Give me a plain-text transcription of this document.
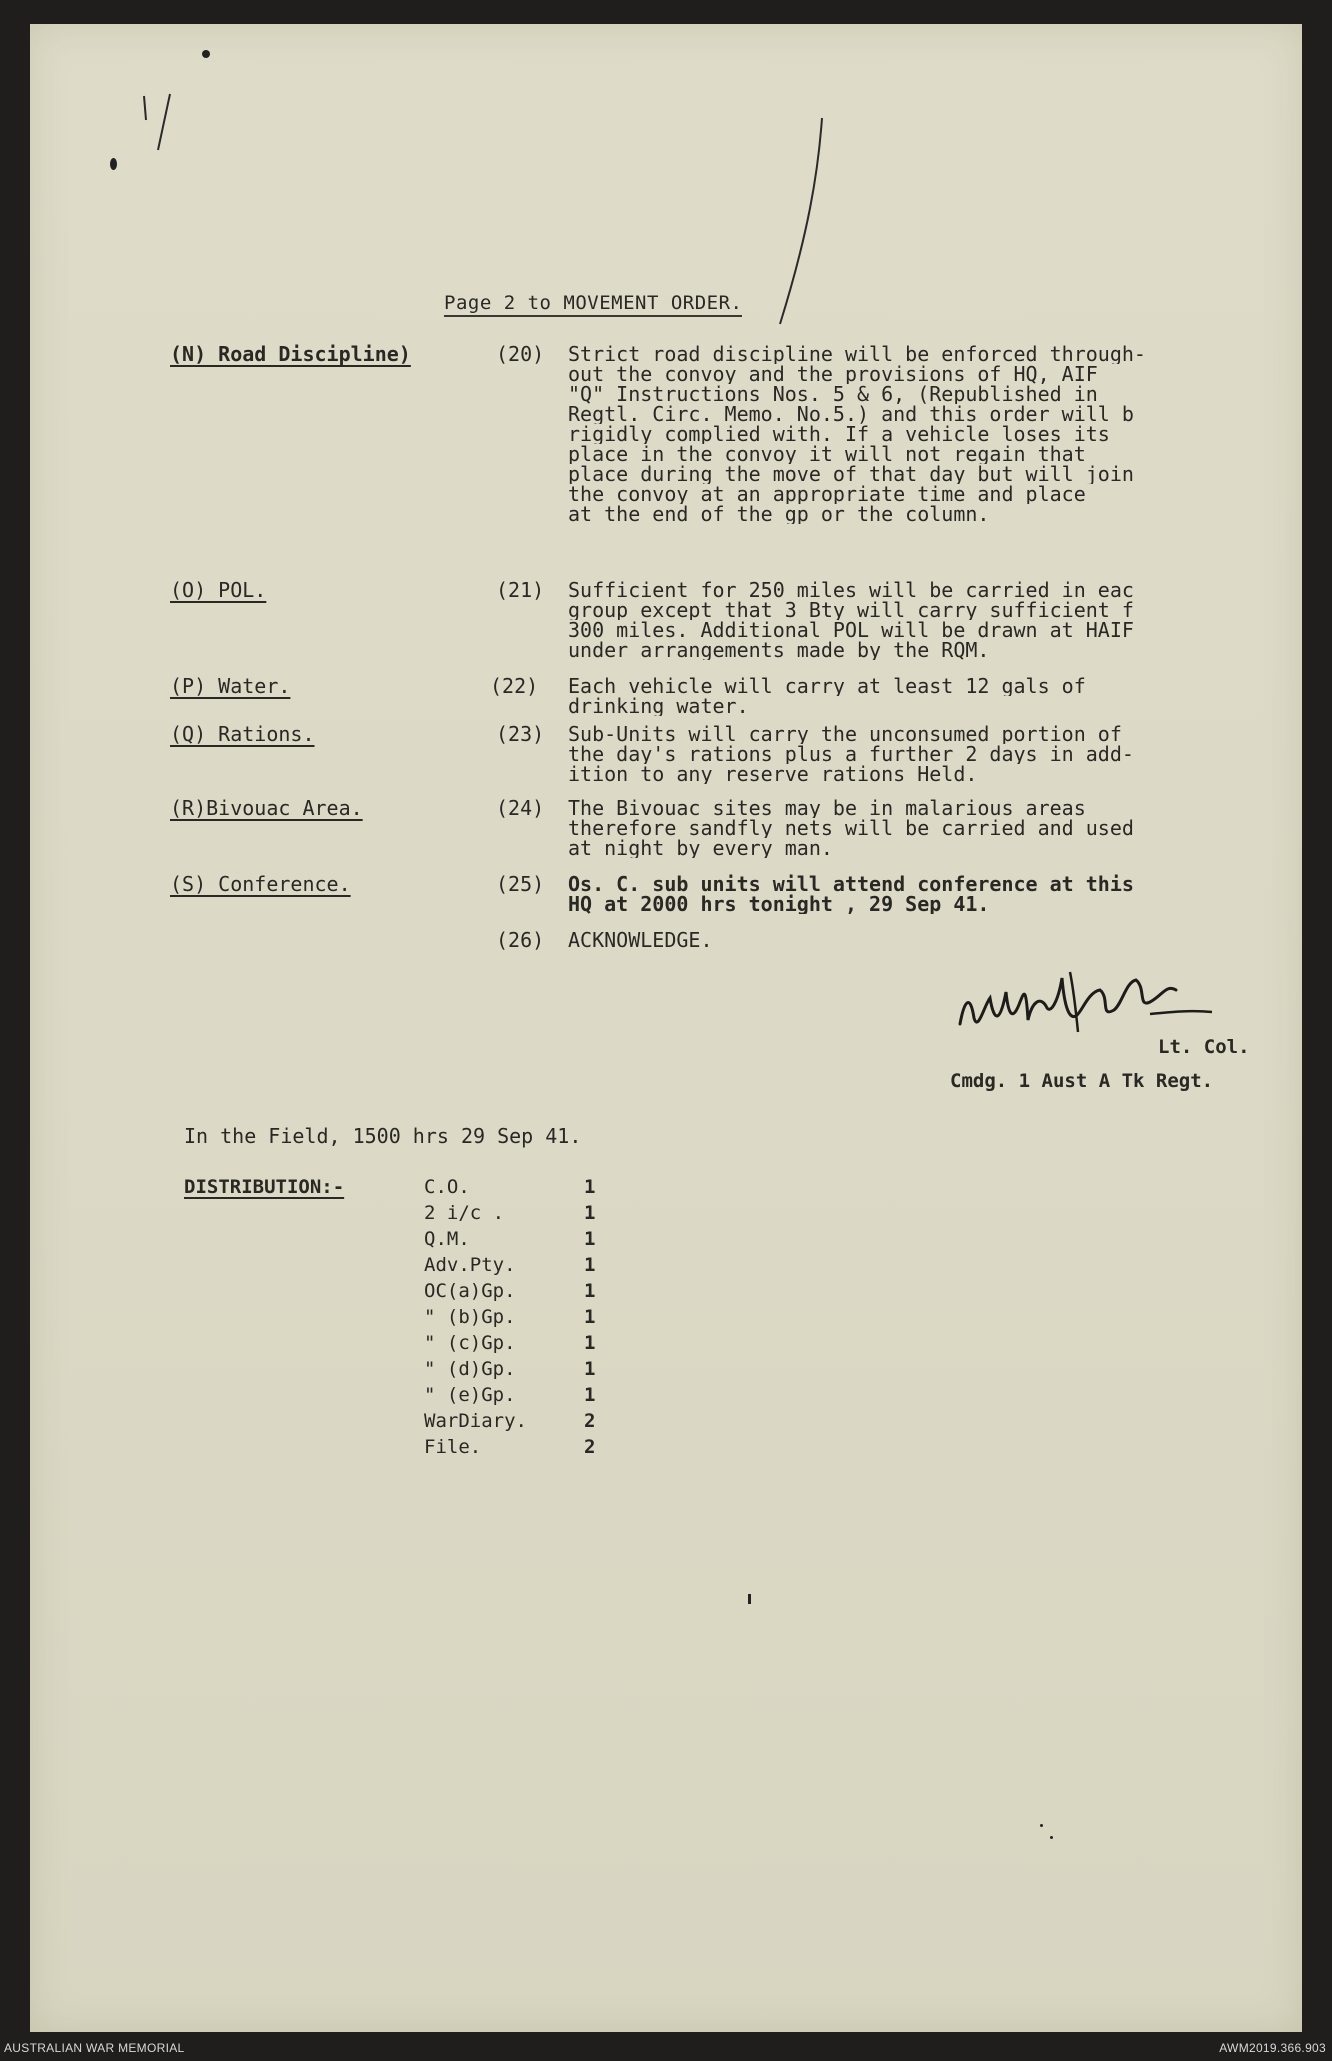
Page 2 to MOVEMENT ORDER.
(N) Road Discipline)	(20) Strict road discipline will be enforced through-
out the convoy and the provisions of HQ, AIF
"Q" Instructions Nos. 5 & 6, (Republished in
Regtl. Circ. Memo. No.5.) and this order will b
rigidly complied with. If a vehicle loses its
place in the convoy it will not regain that
place during the move of that day but will join
the convoy at an appropriate time and place
at the end of the gp or the column.
(O) POL.	(21) Sufficient for 250 miles will be carried in eac
group except that 3 Bty will carry sufficient f
300 miles. Additional POL will be drawn at HAIF
under arrangements made by the RQM.
(P) Water.	(22) Each vehicle will carry at least 12 gals of
drinking water.
(Q) Rations.	(23) Sub-Units will carry the unconsumed portion of
the day's rations plus a further 2 days in add-
ition to any reserve rations Held.
(R)Bivouac Area.	(24) The Bivouac sites may be in malarious areas
therefore sandfly nets will be carried and used
at night by every man.
(S) Conference.	(25) Os. C. sub units will attend conference at this
HQ at 2000 hrs tonight , 29 Sep 41.
(26) ACKNOWLEDGE.
Lt. Col.
Cmdg. 1 Aust A Tk Regt.
In the Field, 1500 hrs 29 Sep 41.
DISTRIBUTION:-	C.O.	1
2 i/c .	1
Q.M.	1
Adv.Pty.	1
OC(a)Gp.	1
" (b)Gp.	1
" (c)Gp.	1
" (d)Gp.	1
" (e)Gp.	1
WarDiary.	2
File.	2
AUSTRALIAN WAR MEMORIAL	AWM2019.366.903
